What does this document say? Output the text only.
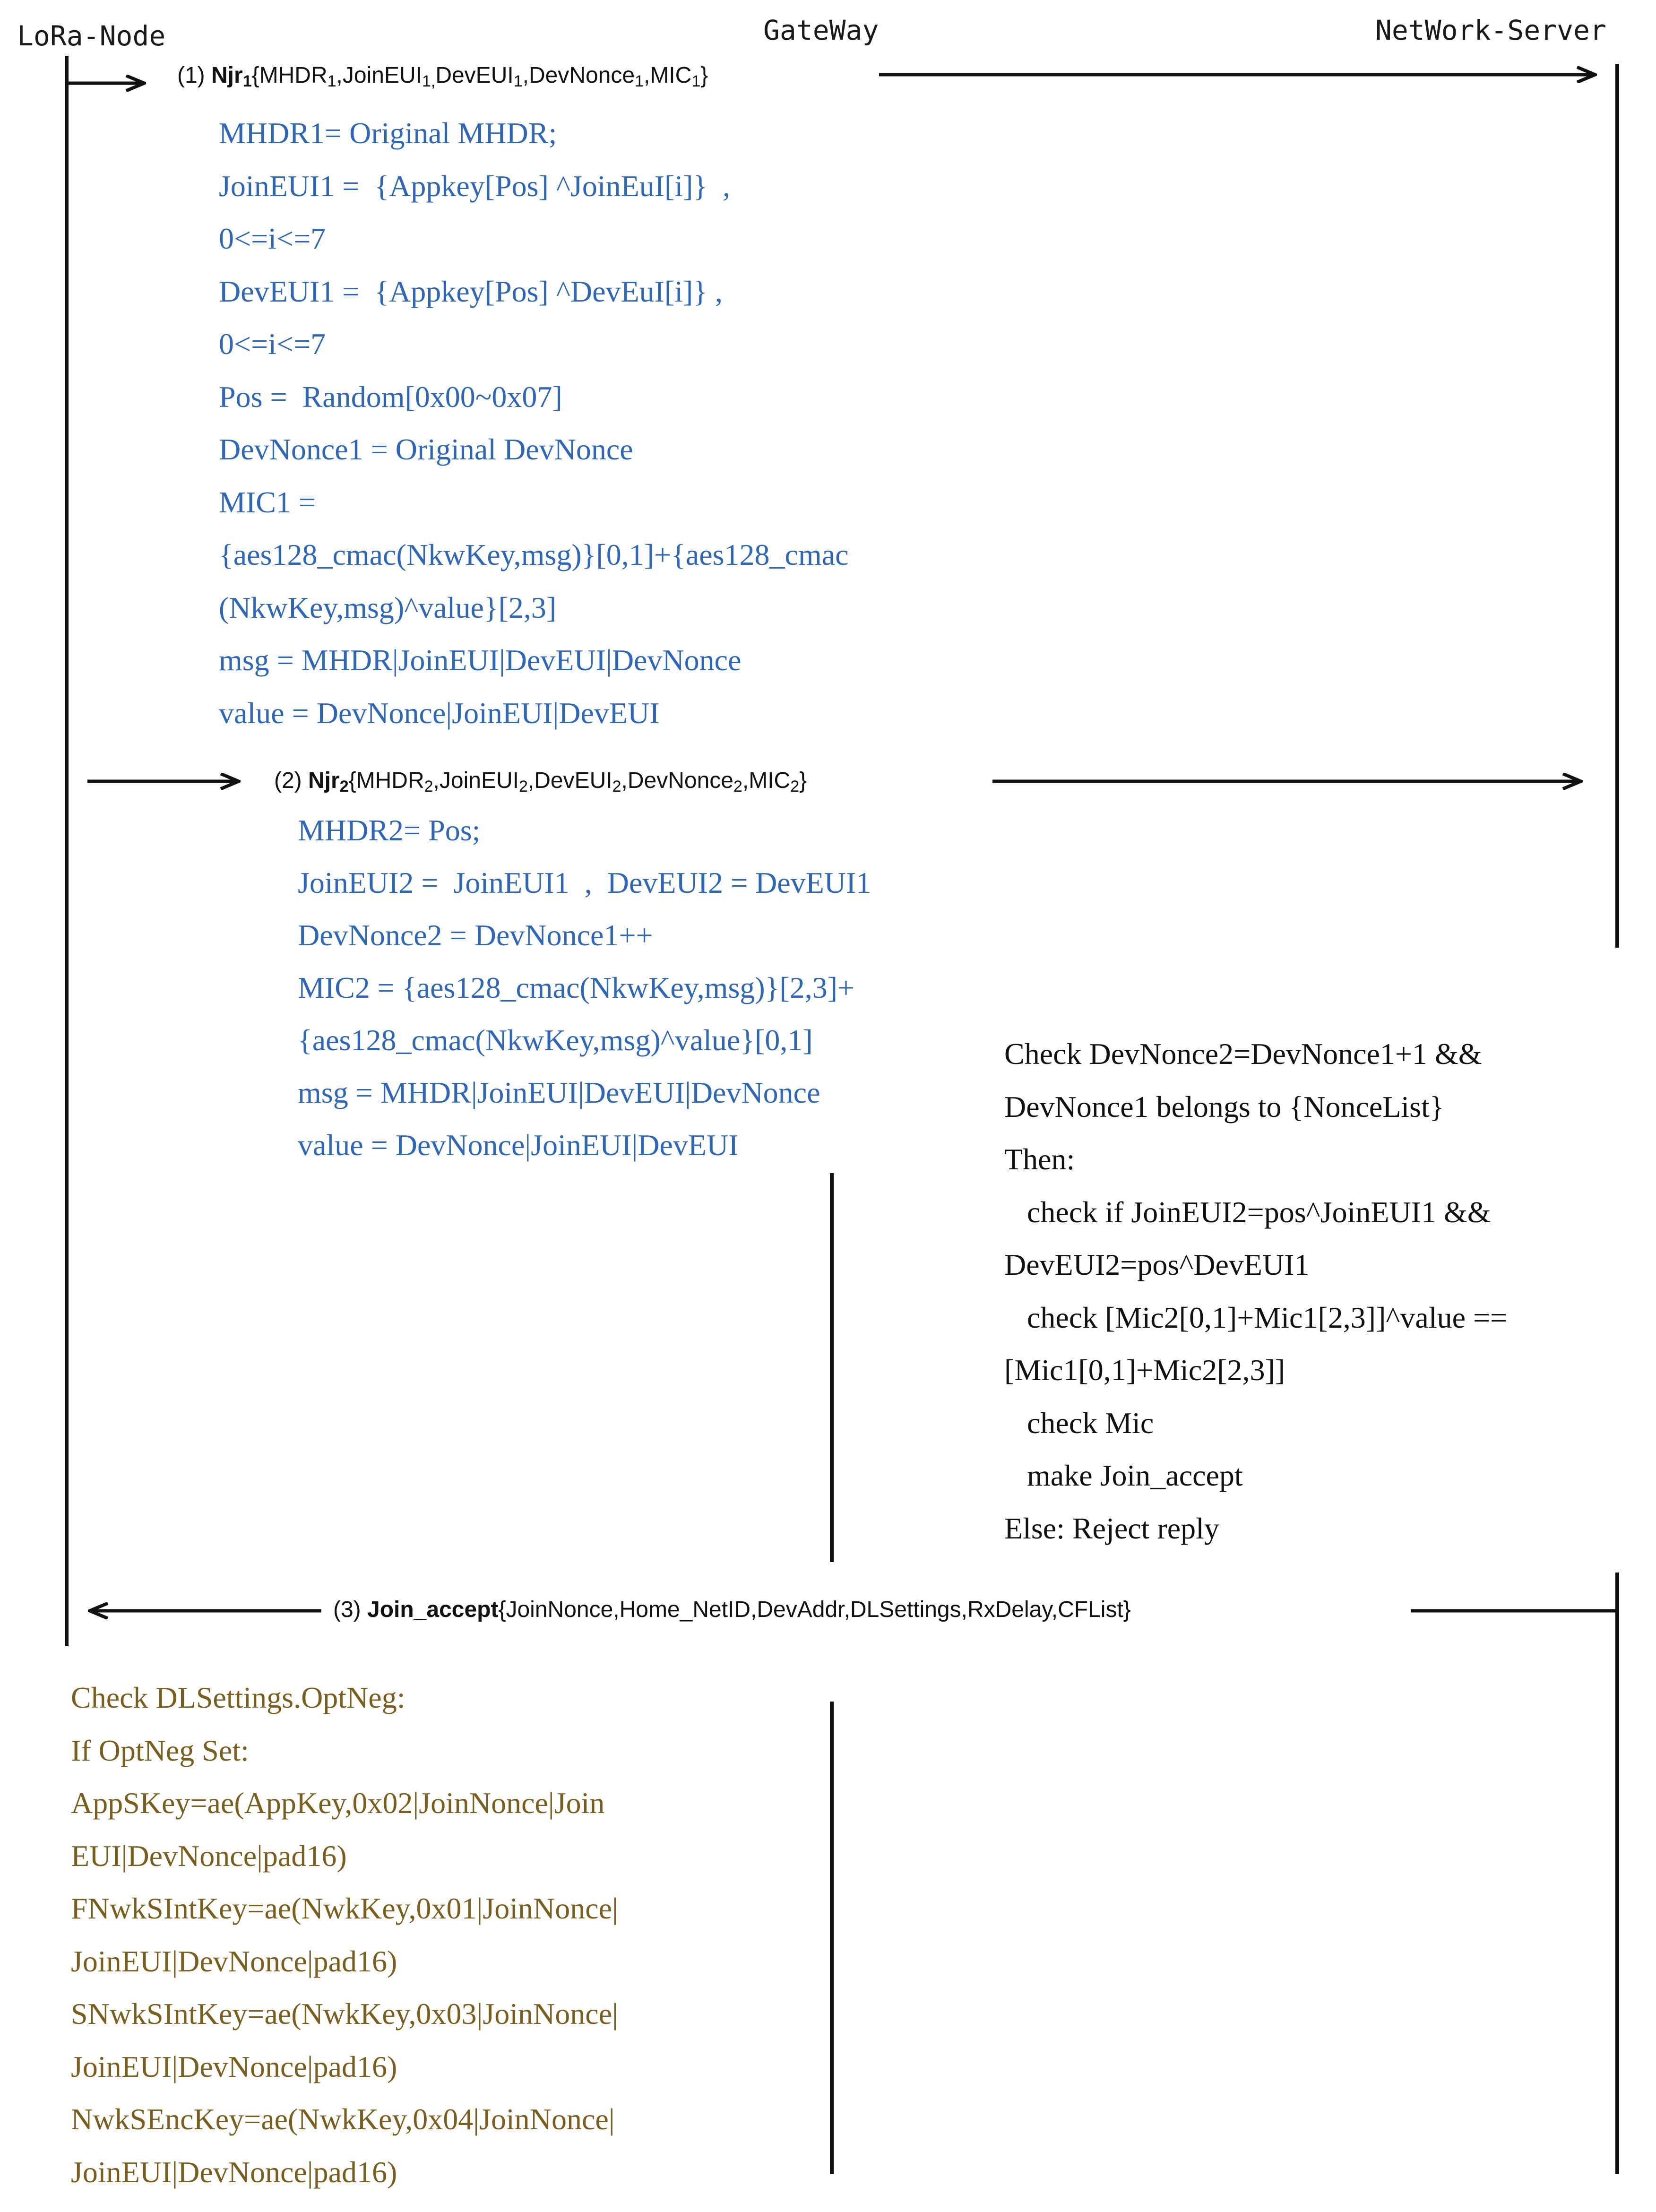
LoRa-Node	GateWay	NetWork-Server
(1) $Njr_1\{MHDR_1,JoinEUI_{1,}DevEUI_1,DevNonce_1,MIC_1\}$
MHDR1= Original MHDR;
JoinEUI1 =  {Appkey[Pos] ^JoinEuI[i]}  ,
0<=i<=7
DevEUI1 =  {Appkey[Pos] ^DevEuI[i]} ,
0<=i<=7
Pos =  Random[0x00~0x07]
DevNonce1 = Original DevNonce
MIC1 =
{aes128_cmac(NkwKey,msg)}[0,1]+{aes128_cmac
(NkwKey,msg)^value}[2,3]
msg = MHDR|JoinEUI|DevEUI|DevNonce
value = DevNonce|JoinEUI|DevEUI
(2) $Njr_2\{MHDR_2,JoinEUI_2,DevEUI_2,DevNonce_2,MIC_2\}$
MHDR2= Pos;
JoinEUI2 =  JoinEUI1  ,  DevEUI2 = DevEUI1
DevNonce2 = DevNonce1++
MIC2 = {aes128_cmac(NkwKey,msg)}[2,3]+
{aes128_cmac(NkwKey,msg)^value}[0,1]
msg = MHDR|JoinEUI|DevEUI|DevNonce
value = DevNonce|JoinEUI|DevEUI
Check DevNonce2=DevNonce1+1 &&
DevNonce1 belongs to {NonceList}
Then:
check if JoinEUI2=pos^JoinEUI1 &&
DevEUI2=pos^DevEUI1
check [Mic2[0,1]+Mic1[2,3]]^value ==
[Mic1[0,1]+Mic2[2,3]]
check Mic
make Join_accept
Else: Reject reply
(3) Join_accept{JoinNonce,Home_NetID,DevAddr,DLSettings,RxDelay,CFList}
Check DLSettings.OptNeg:
If OptNeg Set:
AppSKey=ae(AppKey,0x02|JoinNonce|Join
EUI|DevNonce|pad16)
FNwkSIntKey=ae(NwkKey,0x01|JoinNonce|
JoinEUI|DevNonce|pad16)
SNwkSIntKey=ae(NwkKey,0x03|JoinNonce|
JoinEUI|DevNonce|pad16)
NwkSEncKey=ae(NwkKey,0x04|JoinNonce|
JoinEUI|DevNonce|pad16)
